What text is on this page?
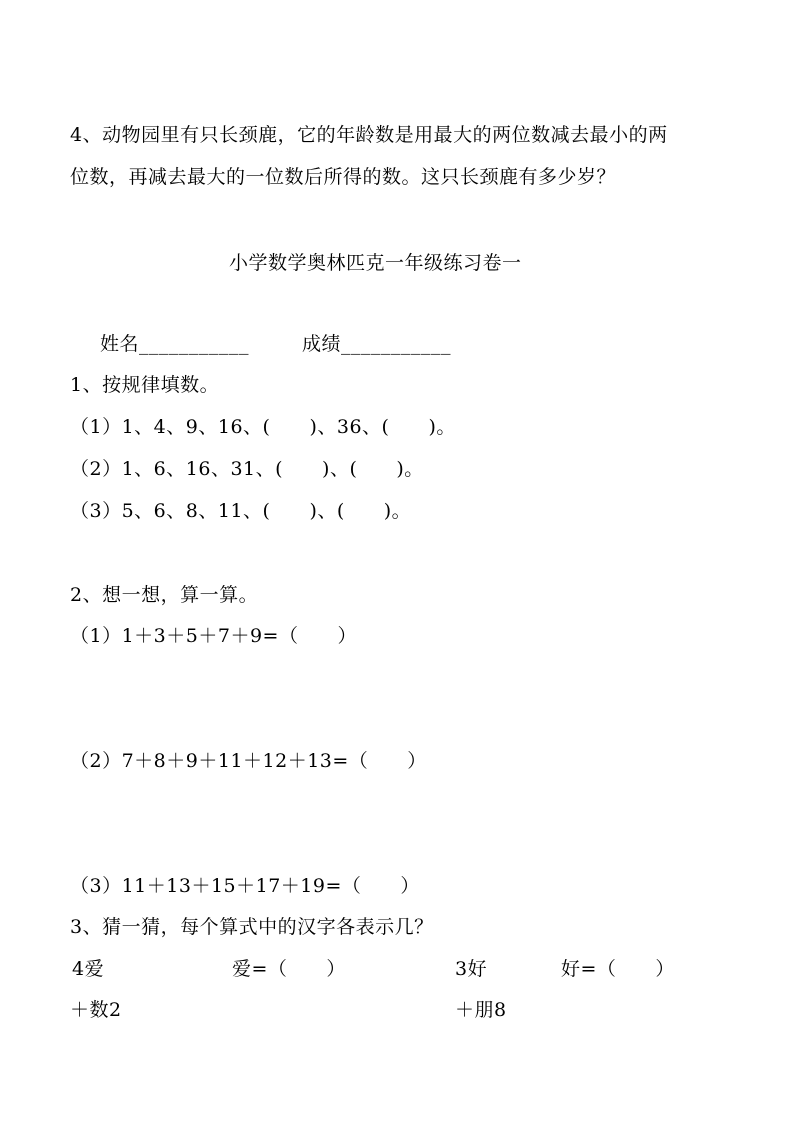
4、动物园里有只长颈鹿，它的年龄数是用最大的两位数减去最小的两
位数，再减去最大的一位数后所得的数。这只长颈鹿有多少岁？
小学数学奥林匹克一年级练习卷一
姓名___________	成绩___________
1、按规律填数。
（1）1、4、9、16、(　　)、36、(　　)。
（2）1、6、16、31、(　　)、(　　)。
（3）5、6、8、11、(　　)、(　　)。
2、想一想，算一算。
（1）1＋3＋5＋7＋9=（　　）
（2）7＋8＋9＋11＋12＋13=（　　）
（3）11＋13＋15＋17＋19=（　　）
3、猜一猜，每个算式中的汉字各表示几？
4爱	爱=（　　）	3好	好=（　　）
＋数2	＋朋8
